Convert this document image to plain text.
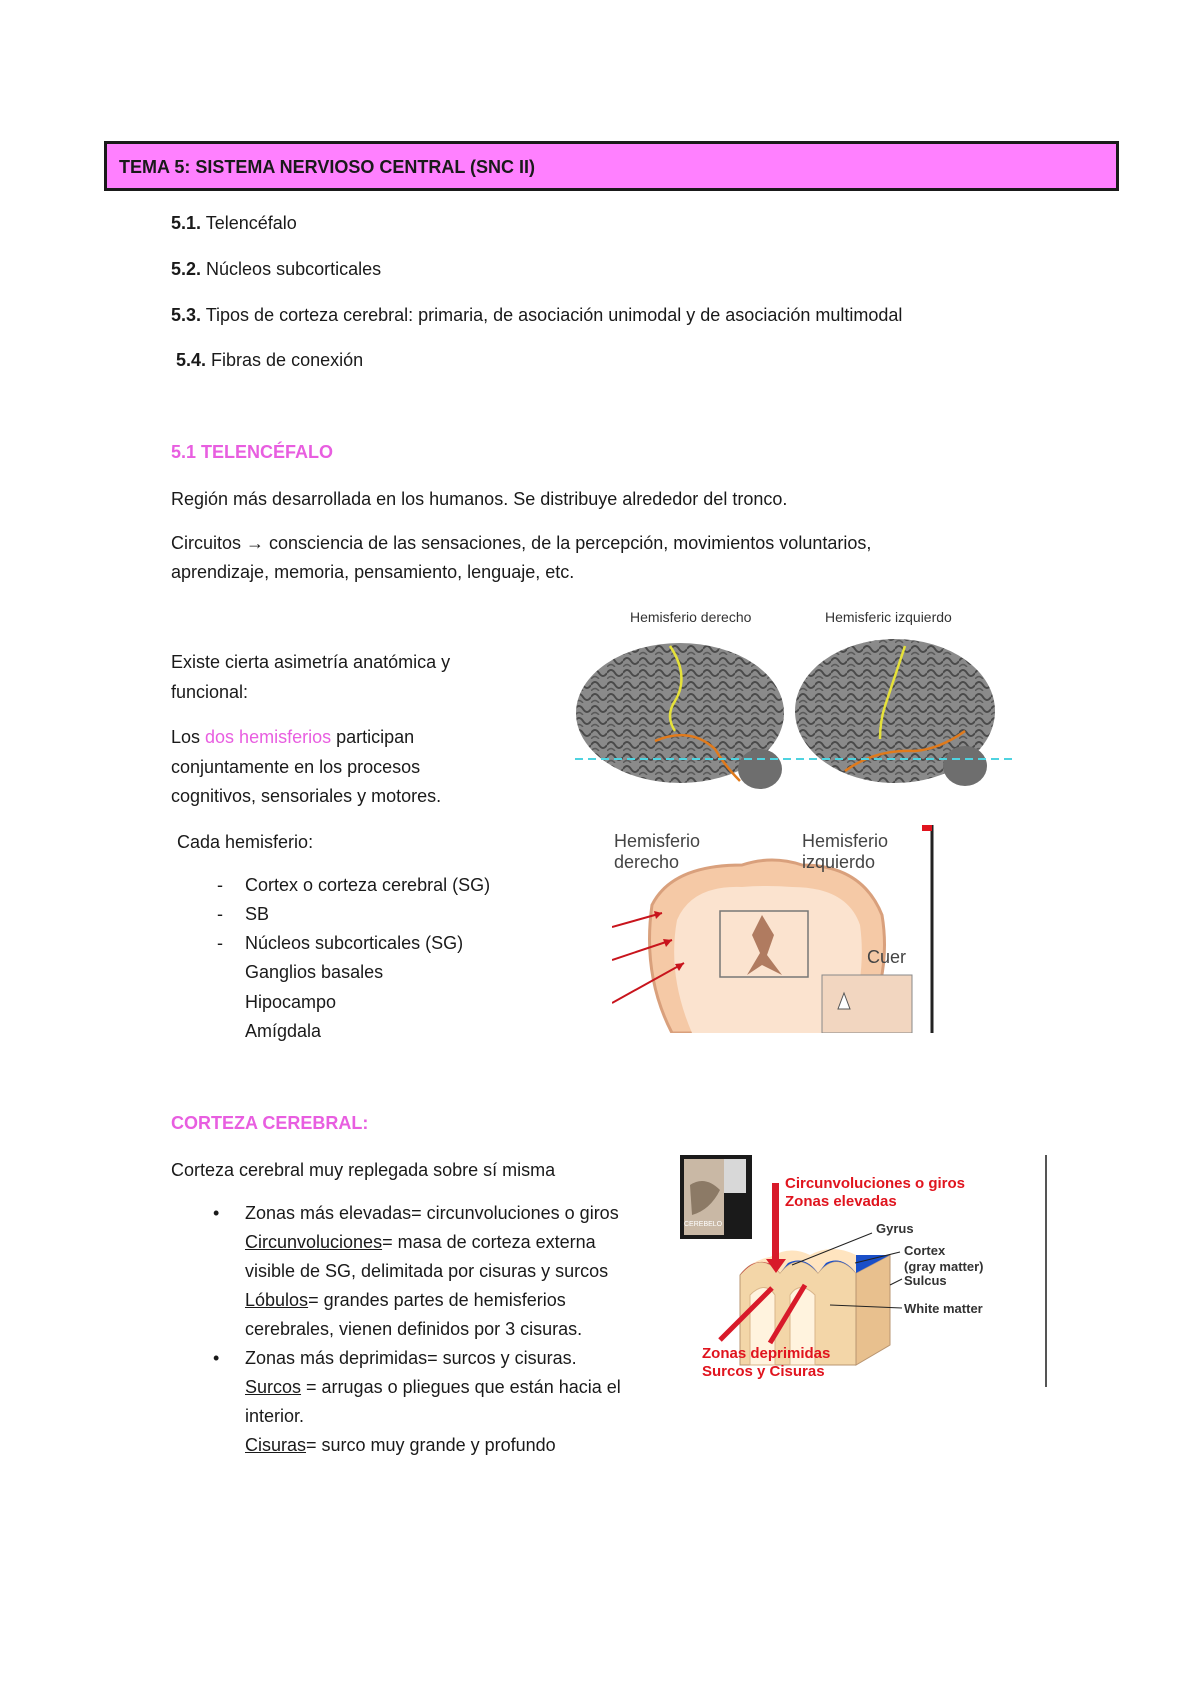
TEMA 5: SISTEMA NERVIOSO CENTRAL (SNC II)
5.1. Telencéfalo
5.2. Núcleos subcorticales
5.3. Tipos de corteza cerebral: primaria, de asociación unimodal y de asociación multimodal
5.4. Fibras de conexión
5.1 TELENCÉFALO
Región más desarrollada en los humanos. Se distribuye alrededor del tronco.
Circuitos → consciencia de las sensaciones, de la percepción, movimientos voluntarios,
aprendizaje, memoria, pensamiento, lenguaje, etc.
Existe cierta asimetría anatómica y
funcional:
Los dos hemisferios participan
conjuntamente en los procesos
cognitivos, sensoriales y motores.
Cada hemisferio:
-	Cortex o corteza cerebral (SG)
-	SB
-	Núcleos subcorticales (SG)
Ganglios basales
Hipocampo
Amígdala
Hemisferio derecho	Hemisferic izquierdo
Hemisferio
derecho
Hemisferio
izquierdo
Cuer
CORTEZA CEREBRAL:
Corteza cerebral muy replegada sobre sí misma
•	Zonas más elevadas= circunvoluciones o giros
Circunvoluciones= masa de corteza externa
visible de SG, delimitada por cisuras y surcos
Lóbulos= grandes partes de hemisferios
cerebrales, vienen definidos por 3 cisuras.
•	Zonas más deprimidas= surcos y cisuras.
Surcos = arrugas o pliegues que están hacia el
interior.
Cisuras= surco muy grande y profundo
CEREBELO
Circunvoluciones o giros
Zonas elevadas
Gyrus
Cortex
(gray matter)
Sulcus
White matter
Zonas deprimidas
Surcos y Cisuras
